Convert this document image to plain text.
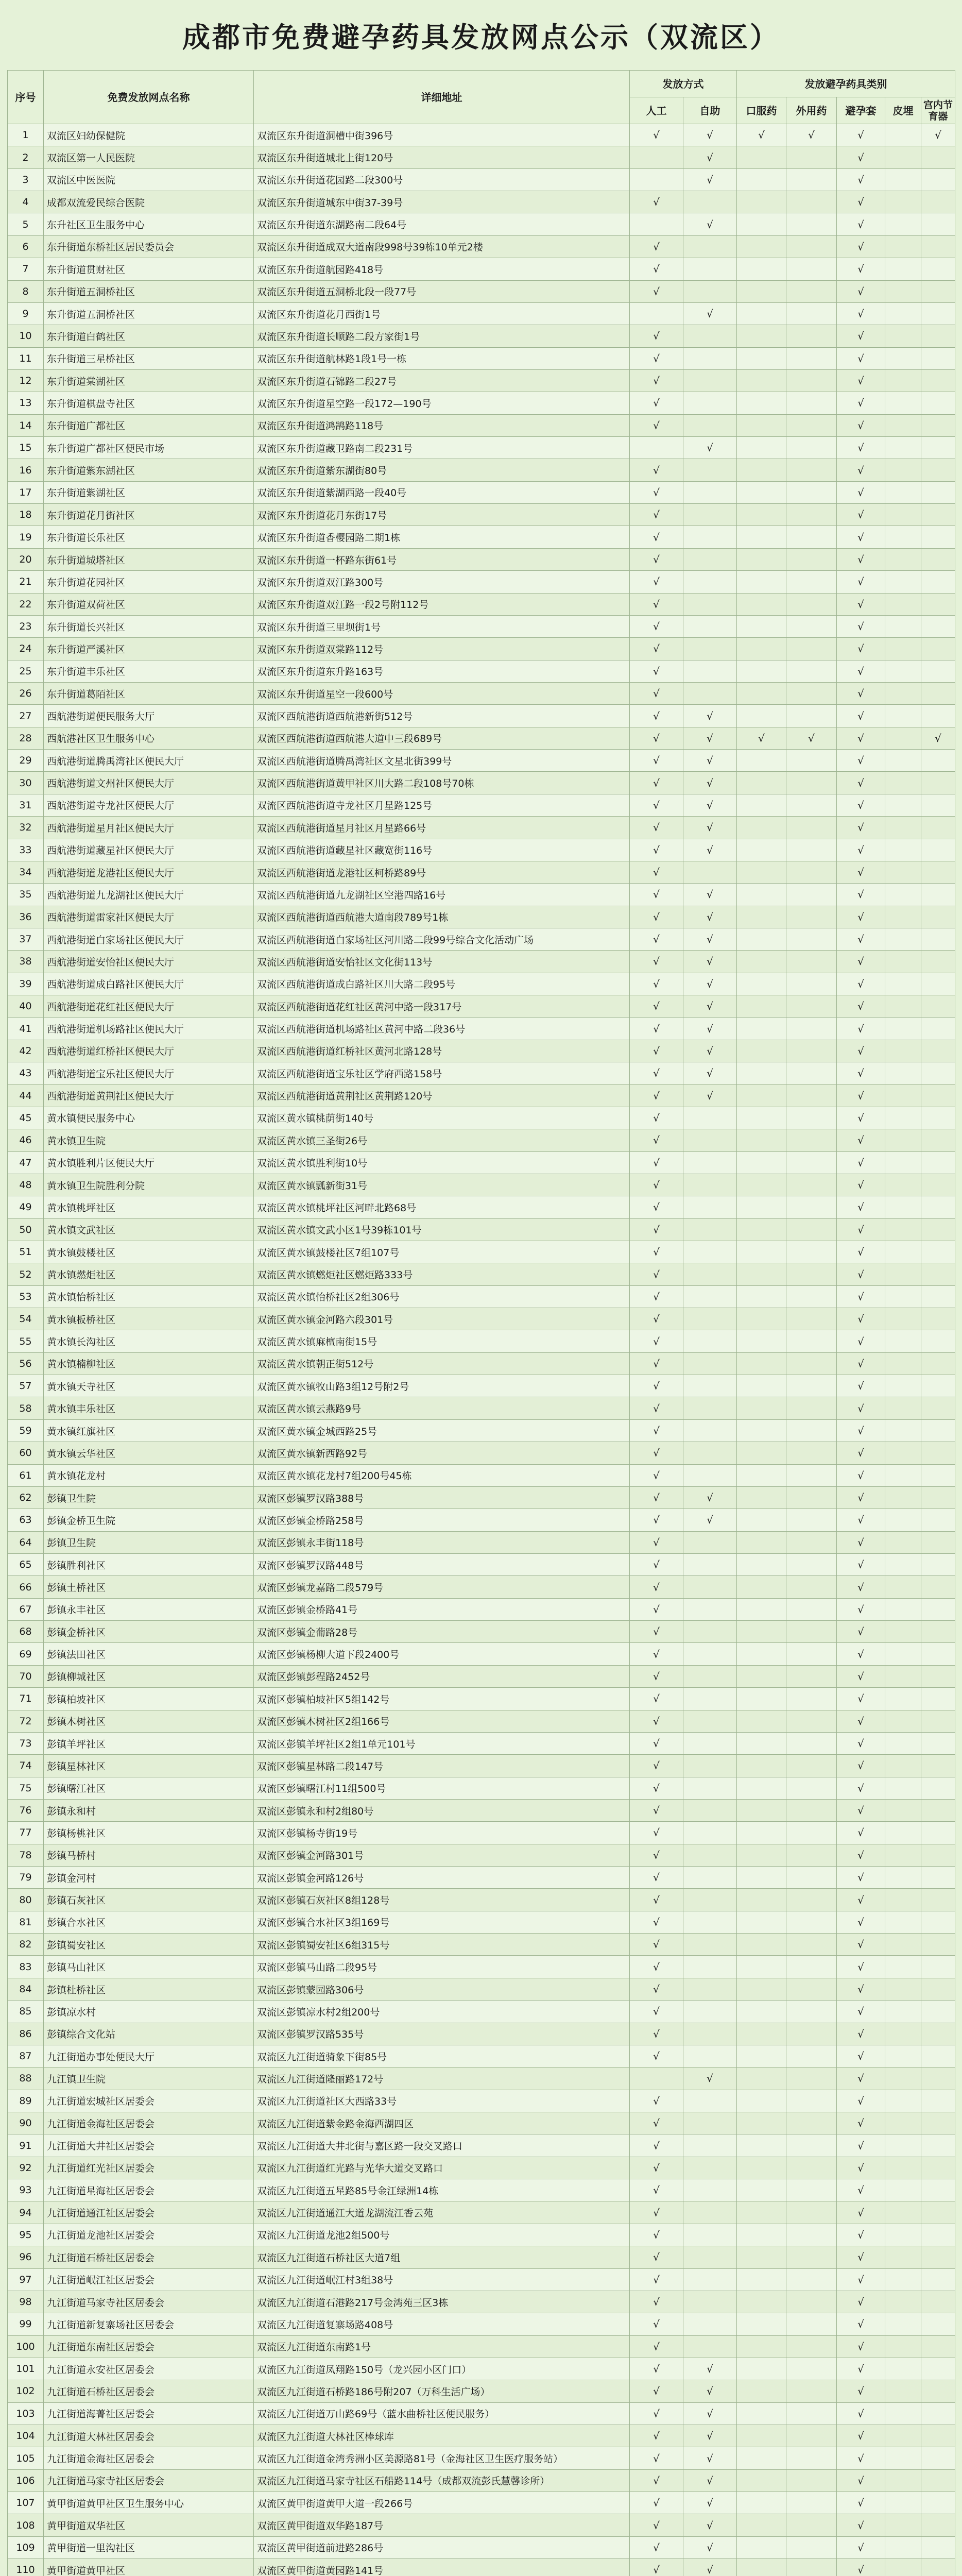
成都市免费避孕药具发放网点公示（双流区）
序号	免费发放网点名称	详细地址	发放方式		发放避孕药具类别				
			人工	自助	口服药	外用药	避孕套	皮埋	宫内节育器
1	双流区妇幼保健院	双流区东升街道洞槽中街396号	√	√	√	√	√		√
2	双流区第一人民医院	双流区东升街道城北上街120号		√			√		
3	双流区中医医院	双流区东升街道花园路二段300号		√			√		
4	成都双流爱民综合医院	双流区东升街道城东中街37-39号	√				√		
5	东升社区卫生服务中心	双流区东升街道东湖路南二段64号		√			√		
6	东升街道东桥社区居民委员会	双流区东升街道成双大道南段998号39栋10单元2楼	√				√		
7	东升街道贯财社区	双流区东升街道航园路418号	√				√		
8	东升街道五洞桥社区	双流区东升街道五洞桥北段一段77号	√				√		
9	东升街道五洞桥社区	双流区东升街道花月西街1号		√			√		
10	东升街道白鹤社区	双流区东升街道长顺路二段方家街1号	√				√		
11	东升街道三星桥社区	双流区东升街道航林路1段1号一栋	√				√		
12	东升街道棠湖社区	双流区东升街道石锦路二段27号	√				√		
13	东升街道棋盘寺社区	双流区东升街道星空路一段172—190号	√				√		
14	东升街道广都社区	双流区东升街道鸿鹄路118号	√				√		
15	东升街道广都社区便民市场	双流区东升街道藏卫路南二段231号		√			√		
16	东升街道紫东湖社区	双流区东升街道紫东湖街80号	√				√		
17	东升街道紫湖社区	双流区东升街道紫湖西路一段40号	√				√		
18	东升街道花月街社区	双流区东升街道花月东街17号	√				√		
19	东升街道长乐社区	双流区东升街道香樱园路二期1栋	√				√		
20	东升街道城塔社区	双流区东升街道一杯路东街61号	√				√		
21	东升街道花园社区	双流区东升街道双江路300号	√				√		
22	东升街道双荷社区	双流区东升街道双江路一段2号附112号	√				√		
23	东升街道长兴社区	双流区东升街道三里坝街1号	√				√		
24	东升街道严溪社区	双流区东升街道双棠路112号	√				√		
25	东升街道丰乐社区	双流区东升街道东升路163号	√				√		
26	东升街道葛陌社区	双流区东升街道星空一段600号	√				√		
27	西航港街道便民服务大厅	双流区西航港街道西航港新街512号	√	√			√		
28	西航港社区卫生服务中心	双流区西航港街道西航港大道中三段689号	√	√	√	√	√		√
29	西航港街道腾禹湾社区便民大厅	双流区西航港街道腾禹湾社区文星北街399号	√	√			√		
30	西航港街道文州社区便民大厅	双流区西航港街道黄甲社区川大路二段108号70栋	√	√			√		
31	西航港街道寺龙社区便民大厅	双流区西航港街道寺龙社区月星路125号	√	√			√		
32	西航港街道星月社区便民大厅	双流区西航港街道星月社区月星路66号	√	√			√		
33	西航港街道藏星社区便民大厅	双流区西航港街道藏星社区藏宽街116号	√	√			√		
34	西航港街道龙港社区便民大厅	双流区西航港街道龙港社区柯桥路89号	√				√		
35	西航港街道九龙湖社区便民大厅	双流区西航港街道九龙湖社区空港四路16号	√	√			√		
36	西航港街道雷家社区便民大厅	双流区西航港街道西航港大道南段789号1栋	√	√			√		
37	西航港街道白家场社区便民大厅	双流区西航港街道白家场社区河川路二段99号综合文化活动广场	√	√			√		
38	西航港街道安怡社区便民大厅	双流区西航港街道安怡社区文化街113号	√	√			√		
39	西航港街道成白路社区便民大厅	双流区西航港街道成白路社区川大路二段95号	√	√			√		
40	西航港街道花红社区便民大厅	双流区西航港街道花红社区黄河中路一段317号	√	√			√		
41	西航港街道机场路社区便民大厅	双流区西航港街道机场路社区黄河中路二段36号	√	√			√		
42	西航港街道红桥社区便民大厅	双流区西航港街道红桥社区黄河北路128号	√	√			√		
43	西航港街道宝乐社区便民大厅	双流区西航港街道宝乐社区学府西路158号	√	√			√		
44	西航港街道黄荆社区便民大厅	双流区西航港街道黄荆社区黄荆路120号	√	√			√		
45	黄水镇便民服务中心	双流区黄水镇桃荫街140号	√				√		
46	黄水镇卫生院	双流区黄水镇三圣街26号	√				√		
47	黄水镇胜利片区便民大厅	双流区黄水镇胜利街10号	√				√		
48	黄水镇卫生院胜利分院	双流区黄水镇瓢新街31号	√				√		
49	黄水镇桃坪社区	双流区黄水镇桃坪社区河畔北路68号	√				√		
50	黄水镇文武社区	双流区黄水镇文武小区1号39栋101号	√				√		
51	黄水镇鼓楼社区	双流区黄水镇鼓楼社区7组107号	√				√		
52	黄水镇燃炬社区	双流区黄水镇燃炬社区燃炬路333号	√				√		
53	黄水镇怡桥社区	双流区黄水镇怡桥社区2组306号	√				√		
54	黄水镇板桥社区	双流区黄水镇金河路六段301号	√				√		
55	黄水镇长沟社区	双流区黄水镇麻檀南街15号	√				√		
56	黄水镇楠柳社区	双流区黄水镇朝正街512号	√				√		
57	黄水镇天寺社区	双流区黄水镇牧山路3组12号附2号	√				√		
58	黄水镇丰乐社区	双流区黄水镇云燕路9号	√				√		
59	黄水镇红旗社区	双流区黄水镇金城西路25号	√				√		
60	黄水镇云华社区	双流区黄水镇新西路92号	√				√		
61	黄水镇花龙村	双流区黄水镇花龙村7组200号45栋	√				√		
62	彭镇卫生院	双流区彭镇罗汉路388号	√	√			√		
63	彭镇金桥卫生院	双流区彭镇金桥路258号	√	√			√		
64	彭镇卫生院	双流区彭镇永丰街118号	√				√		
65	彭镇胜利社区	双流区彭镇罗汉路448号	√				√		
66	彭镇土桥社区	双流区彭镇龙嘉路二段579号	√				√		
67	彭镇永丰社区	双流区彭镇金桥路41号	√				√		
68	彭镇金桥社区	双流区彭镇金葡路28号	√				√		
69	彭镇法田社区	双流区彭镇杨柳大道下段2400号	√				√		
70	彭镇柳城社区	双流区彭镇彭程路2452号	√				√		
71	彭镇柏坡社区	双流区彭镇柏坡社区5组142号	√				√		
72	彭镇木树社区	双流区彭镇木树社区2组166号	√				√		
73	彭镇羊坪社区	双流区彭镇羊坪社区2组1单元101号	√				√		
74	彭镇星林社区	双流区彭镇星林路二段147号	√				√		
75	彭镇曙江社区	双流区彭镇曙江村11组500号	√				√		
76	彭镇永和村	双流区彭镇永和村2组80号	√				√		
77	彭镇杨桃社区	双流区彭镇杨寺街19号	√				√		
78	彭镇马桥村	双流区彭镇金河路301号	√				√		
79	彭镇金河村	双流区彭镇金河路126号	√				√		
80	彭镇石灰社区	双流区彭镇石灰社区8组128号	√				√		
81	彭镇合水社区	双流区彭镇合水社区3组169号	√				√		
82	彭镇蜀安社区	双流区彭镇蜀安社区6组315号	√				√		
83	彭镇马山社区	双流区彭镇马山路二段95号	√				√		
84	彭镇杜桥社区	双流区彭镇蒙园路306号	√				√		
85	彭镇凉水村	双流区彭镇凉水村2组200号	√				√		
86	彭镇综合文化站	双流区彭镇罗汉路535号	√				√		
87	九江街道办事处便民大厅	双流区九江街道骑象下街85号	√				√		
88	九江镇卫生院	双流区九江街道隆丽路172号		√			√		
89	九江街道宏城社区居委会	双流区九江街道社区大西路33号	√				√		
90	九江街道金海社区居委会	双流区九江街道紫金路金海西湖四区	√				√		
91	九江街道大井社区居委会	双流区九江街道大井北街与嘉区路一段交叉路口	√				√		
92	九江街道红光社区居委会	双流区九江街道红光路与光华大道交叉路口	√				√		
93	九江街道星海社区居委会	双流区九江街道五星路85号金江绿洲14栋	√				√		
94	九江街道通江社区居委会	双流区九江街道通江大道龙湖流江香云苑	√				√		
95	九江街道龙池社区居委会	双流区九江街道龙池2组500号	√				√		
96	九江街道石桥社区居委会	双流区九江街道石桥社区大道7组	√				√		
97	九江街道岷江社区居委会	双流区九江街道岷江村3组38号	√				√		
98	九江街道马家寺社区居委会	双流区九江街道石港路217号金湾苑三区3栋	√				√		
99	九江街道新复寨场社区居委会	双流区九江街道复寨场路408号	√				√		
100	九江街道东南社区居委会	双流区九江街道东南路1号	√				√		
101	九江街道永安社区居委会	双流区九江街道凤翔路150号（龙兴园小区门口）	√	√			√		
102	九江街道石桥社区居委会	双流区九江街道石桥路186号附207（万科生活广场）	√	√			√		
103	九江街道海菁社区居委会	双流区九江街道万山路69号（蓝水曲桥社区便民服务）	√	√			√		
104	九江街道大林社区居委会	双流区九江街道大林社区棒球库	√	√			√		
105	九江街道金海社区居委会	双流区九江街道金湾秀洲小区美源路81号（金海社区卫生医疗服务站）	√	√			√		
106	九江街道马家寺社区居委会	双流区九江街道马家寺社区石船路114号（成都双流彭氏慧馨诊所）	√	√			√		
107	黄甲街道黄甲社区卫生服务中心	双流区黄甲街道黄甲大道一段266号	√	√			√		
108	黄甲街道双华社区	双流区黄甲街道双华路187号	√	√			√		
109	黄甲街道一里沟社区	双流区黄甲街道前进路286号	√	√			√		
110	黄甲街道黄甲社区	双流区黄甲街道黄园路141号	√	√			√		
